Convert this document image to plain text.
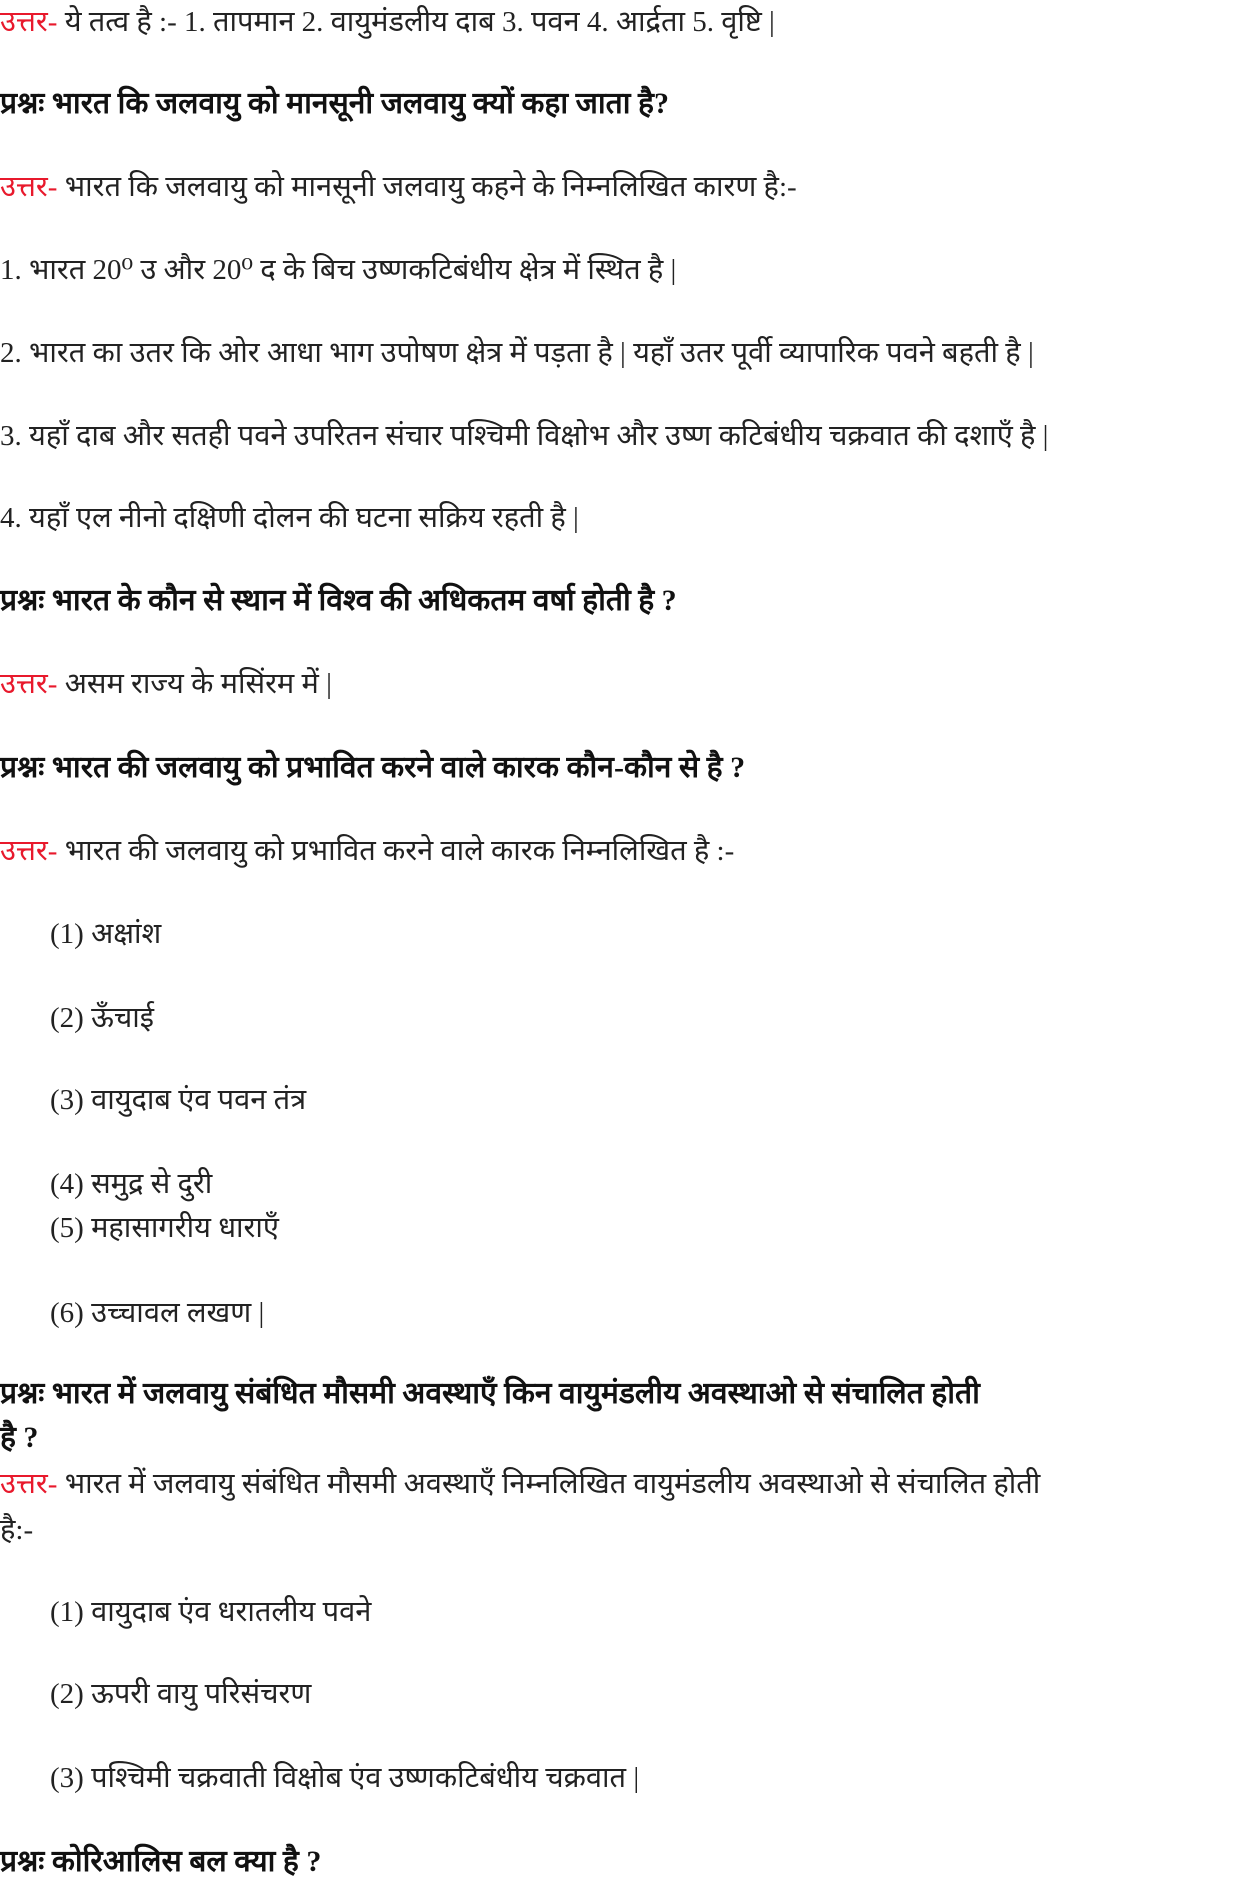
उत्तर- ये तत्व है :- 1. तापमान 2. वायुमंडलीय दाब 3. पवन 4. आर्द्रता 5. वृष्टि |
प्रश्नः भारत कि जलवायु को मानसूनी जलवायु क्यों कहा जाता है?
उत्तर- भारत कि जलवायु को मानसूनी जलवायु कहने के निम्नलिखित कारण है:-
1. भारत 20⁰ उ और 20⁰ द के बिच उष्णकटिबंधीय क्षेत्र में स्थित है |
2. भारत का उतर कि ओर आधा भाग उपोषण क्षेत्र में पड़ता है | यहाँ उतर पूर्वी व्यापारिक पवने बहती है |
3. यहाँ दाब और सतही पवने उपरितन संचार पश्चिमी विक्षोभ और उष्ण कटिबंधीय चक्रवात की दशाएँ है |
4. यहाँ एल नीनो दक्षिणी दोलन की घटना सक्रिय रहती है |
प्रश्नः भारत के कौन से स्थान में विश्व की अधिकतम वर्षा होती है ?
उत्तर- असम राज्य के मसिंरम में |
प्रश्नः भारत की जलवायु को प्रभावित करने वाले कारक कौन-कौन से है ?
उत्तर- भारत की जलवायु को प्रभावित करने वाले कारक निम्नलिखित है :-
(1) अक्षांश
(2) ऊँचाई
(3) वायुदाब एंव पवन तंत्र
(4) समुद्र से दुरी
(5) महासागरीय धाराएँ
(6) उच्चावल लखण |
प्रश्नः भारत में जलवायु संबंधित मौसमी अवस्थाएँ किन वायुमंडलीय अवस्थाओ से संचालित होती
है ?
उत्तर- भारत में जलवायु संबंधित मौसमी अवस्थाएँ निम्नलिखित वायुमंडलीय अवस्थाओ से संचालित होती
है:-
(1) वायुदाब एंव धरातलीय पवने
(2) ऊपरी वायु परिसंचरण
(3) पश्चिमी चक्रवाती विक्षोब एंव उष्णकटिबंधीय चक्रवात |
प्रश्नः कोरिआलिस बल क्या है ?
